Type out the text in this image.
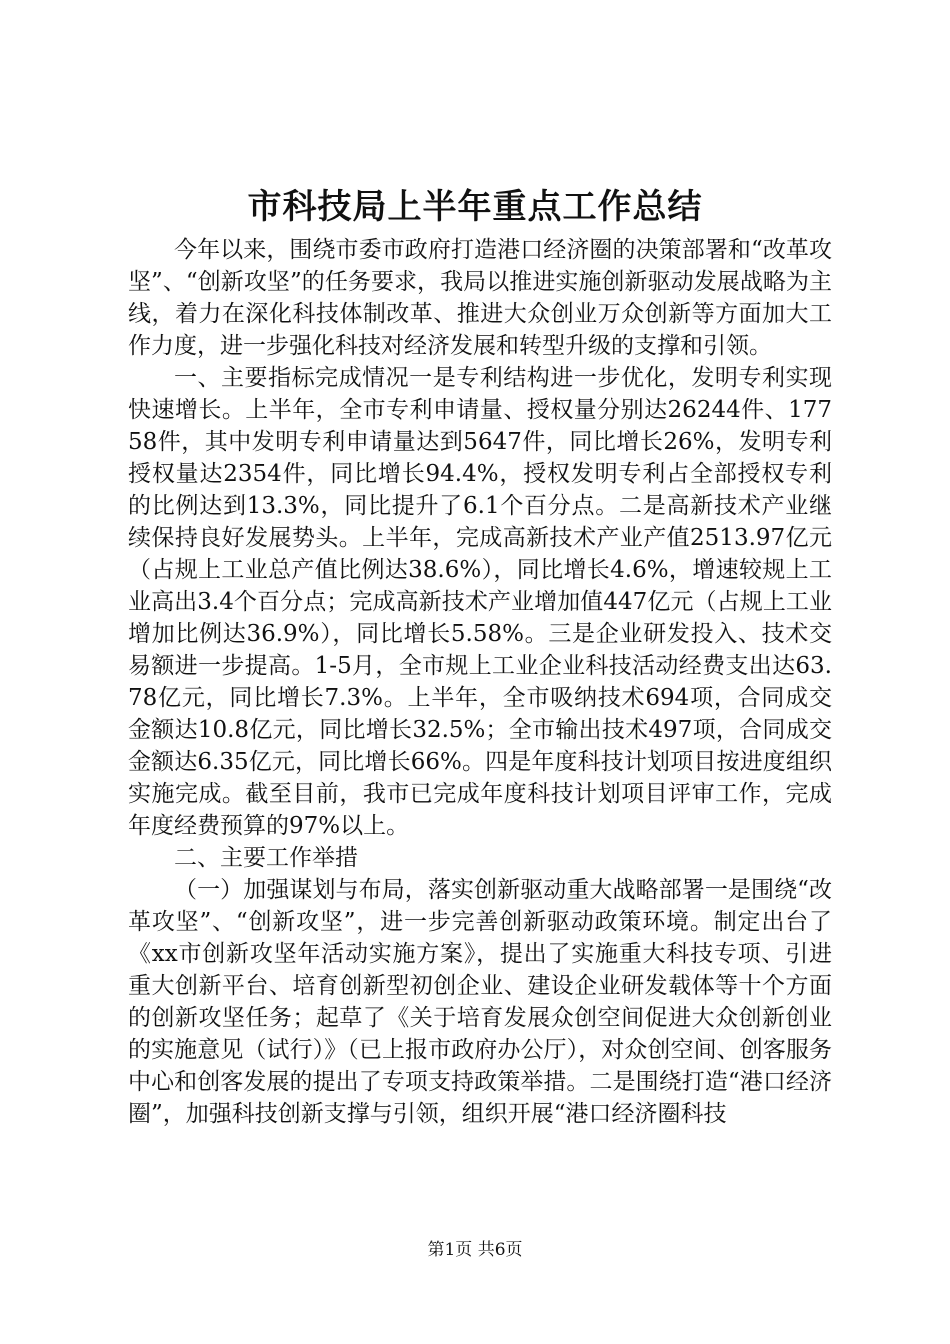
市科技局上半年重点工作总结

今年以来，围绕市委市政府打造港口经济圈的决策部署和“改革攻坚”、“创新攻坚”的任务要求，我局以推进实施创新驱动发展战略为主线，着力在深化科技体制改革、推进大众创业万众创新等方面加大工作力度，进一步强化科技对经济发展和转型升级的支撑和引领。

一、主要指标完成情况一是专利结构进一步优化，发明专利实现快速增长。上半年，全市专利申请量、授权量分别达26244件、17758件，其中发明专利申请量达到5647件，同比增长26%，发明专利授权量达2354件，同比增长94.4%，授权发明专利占全部授权专利的比例达到13.3%，同比提升了6.1个百分点。二是高新技术产业继续保持良好发展势头。上半年，完成高新技术产业产值2513.97亿元（占规上工业总产值比例达38.6%），同比增长4.6%，增速较规上工业高出3.4个百分点；完成高新技术产业增加值447亿元（占规上工业增加比例达36.9%），同比增长5.58%。三是企业研发投入、技术交易额进一步提高。1-5月，全市规上工业企业科技活动经费支出达63.78亿元，同比增长7.3%。上半年，全市吸纳技术694项，合同成交金额达10.8亿元，同比增长32.5%；全市输出技术497项，合同成交金额达6.35亿元，同比增长66%。四是年度科技计划项目按进度组织实施完成。截至目前，我市已完成年度科技计划项目评审工作，完成年度经费预算的97%以上。

二、主要工作举措

（一）加强谋划与布局，落实创新驱动重大战略部署一是围绕“改革攻坚”、“创新攻坚”，进一步完善创新驱动政策环境。制定出台了《xx市创新攻坚年活动实施方案》，提出了实施重大科技专项、引进重大创新平台、培育创新型初创企业、建设企业研发载体等十个方面的创新攻坚任务；起草了《关于培育发展众创空间促进大众创新创业的实施意见（试行）》（已上报市政府办公厅），对众创空间、创客服务中心和创客发展的提出了专项支持政策举措。二是围绕打造“港口经济圈”，加强科技创新支撑与引领，组织开展“港口经济圈科技

第1页 共6页
